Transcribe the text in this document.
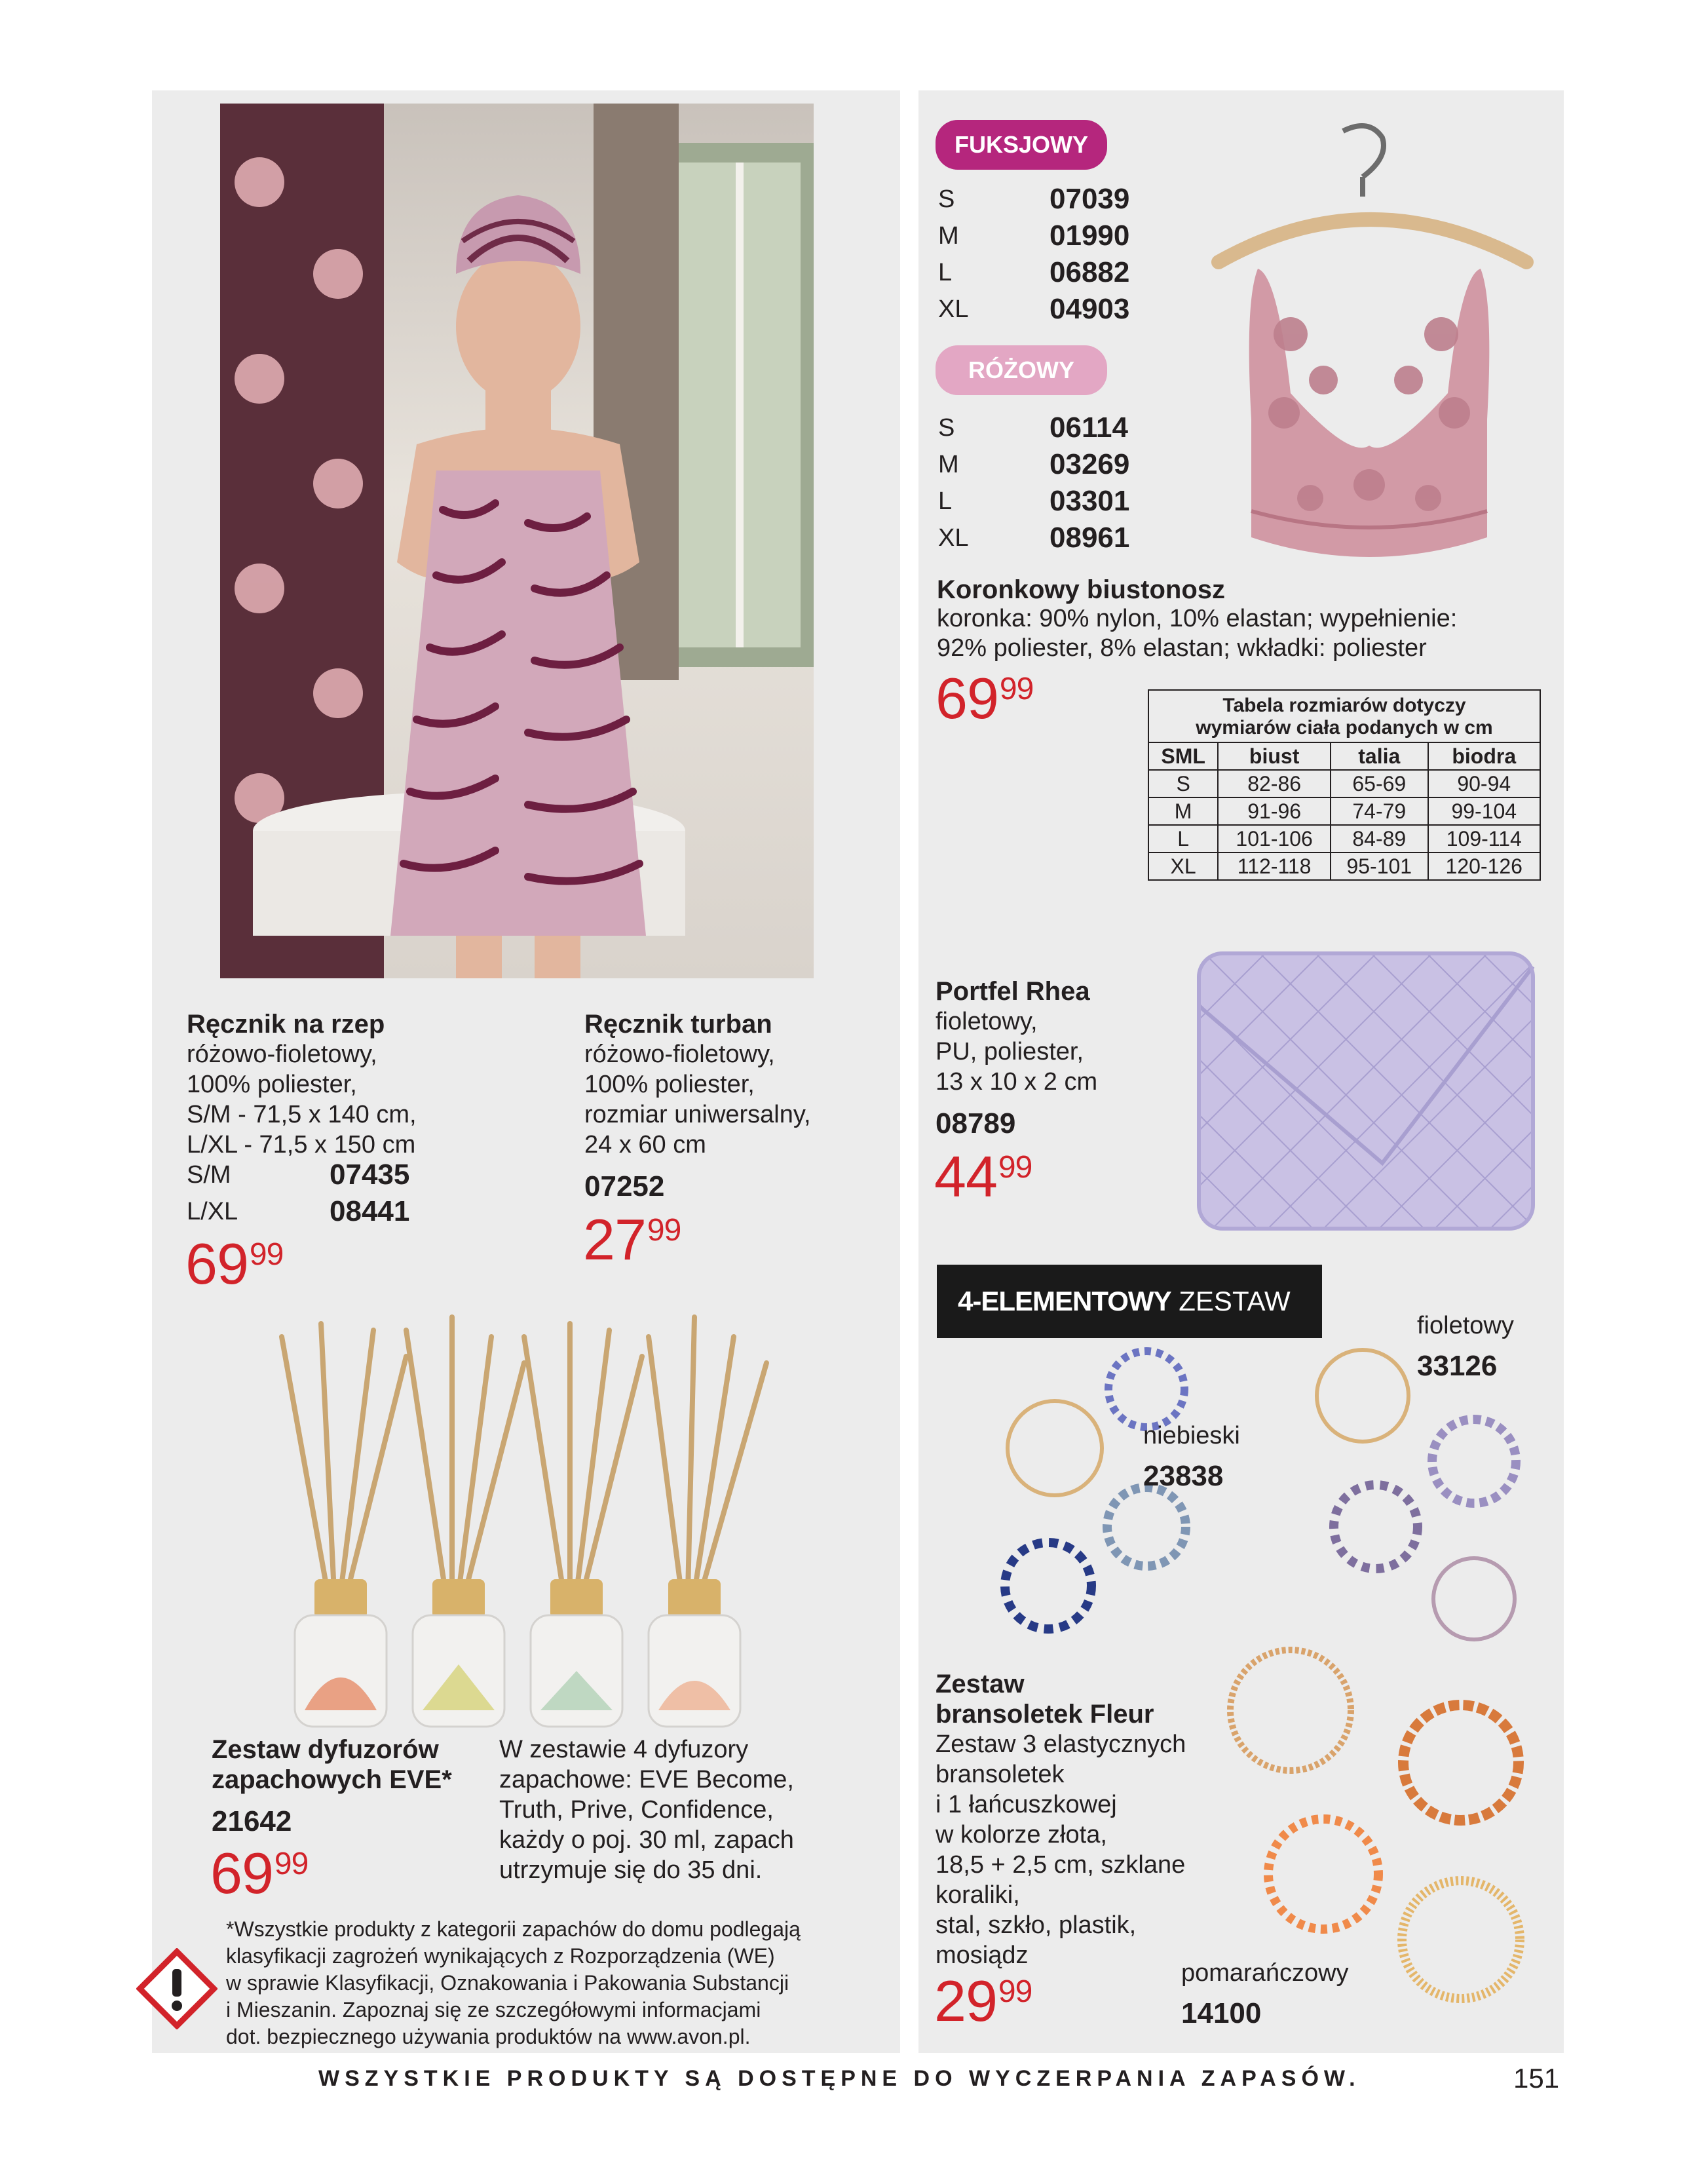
FUKSJOWY
S	07039
M	01990
L	06882
XL	04903
RÓŻOWY
S	06114
M	03269
L	03301
XL	08961
Koronkowy biustonosz
koronka: 90% nylon, 10% elastan; wypełnienie:
92% poliester, 8% elastan; wkładki: poliester
$69^{99}$	Tabela rozmiarów dotyczy
wymiarów ciała podanych w cm
SML	biust	talia	biodra
S	82-86	65-69	90-94
M	91-96	74-79	99-104
L	101-106	84-89	109-114
XL	112-118	95-101	120-126
Portfel Rhea
fioletowy,
PU, poliester,
13 x 10 x 2 cm
08789
$44^{99}$
Ręcznik na rzep
różowo-fioletowy,
100% poliester,
S/M - 71,5 x 140 cm,
L/XL - 71,5 x 150 cm
S/M	07435
L/XL	08441
$69^{99}$
Ręcznik turban
różowo-fioletowy,
100% poliester,
rozmiar uniwersalny,
24 x 60 cm
07252
$27^{99}$
Zestaw dyfuzorów
zapachowych EVE*
21642
$69^{99}$
W zestawie 4 dyfuzory
zapachowe: EVE Become,
Truth, Prive, Confidence,
każdy o poj. 30 ml, zapach
utrzymuje się do 35 dni.
*Wszystkie produkty z kategorii zapachów do domu podlegają
klasyfikacji zagrożeń wynikających z Rozporządzenia (WE)
w sprawie Klasyfikacji, Oznakowania i Pakowania Substancji
i Mieszanin. Zapoznaj się ze szczegółowymi informacjami
dot. bezpiecznego używania produktów na www.avon.pl.
4-ELEMENTOWY ZESTAW
fioletowy
33126
niebieski
23838
pomarańczowy
14100
Zestaw
bransoletek Fleur
Zestaw 3 elastycznych
bransoletek
i 1 łańcuszkowej
w kolorze złota,
18,5 + 2,5 cm, szklane
koraliki,
stal, szkło, plastik,
mosiądz
$29^{99}$
WSZYSTKIE PRODUKTY SĄ DOSTĘPNE DO WYCZERPANIA ZAPASÓW.	151
